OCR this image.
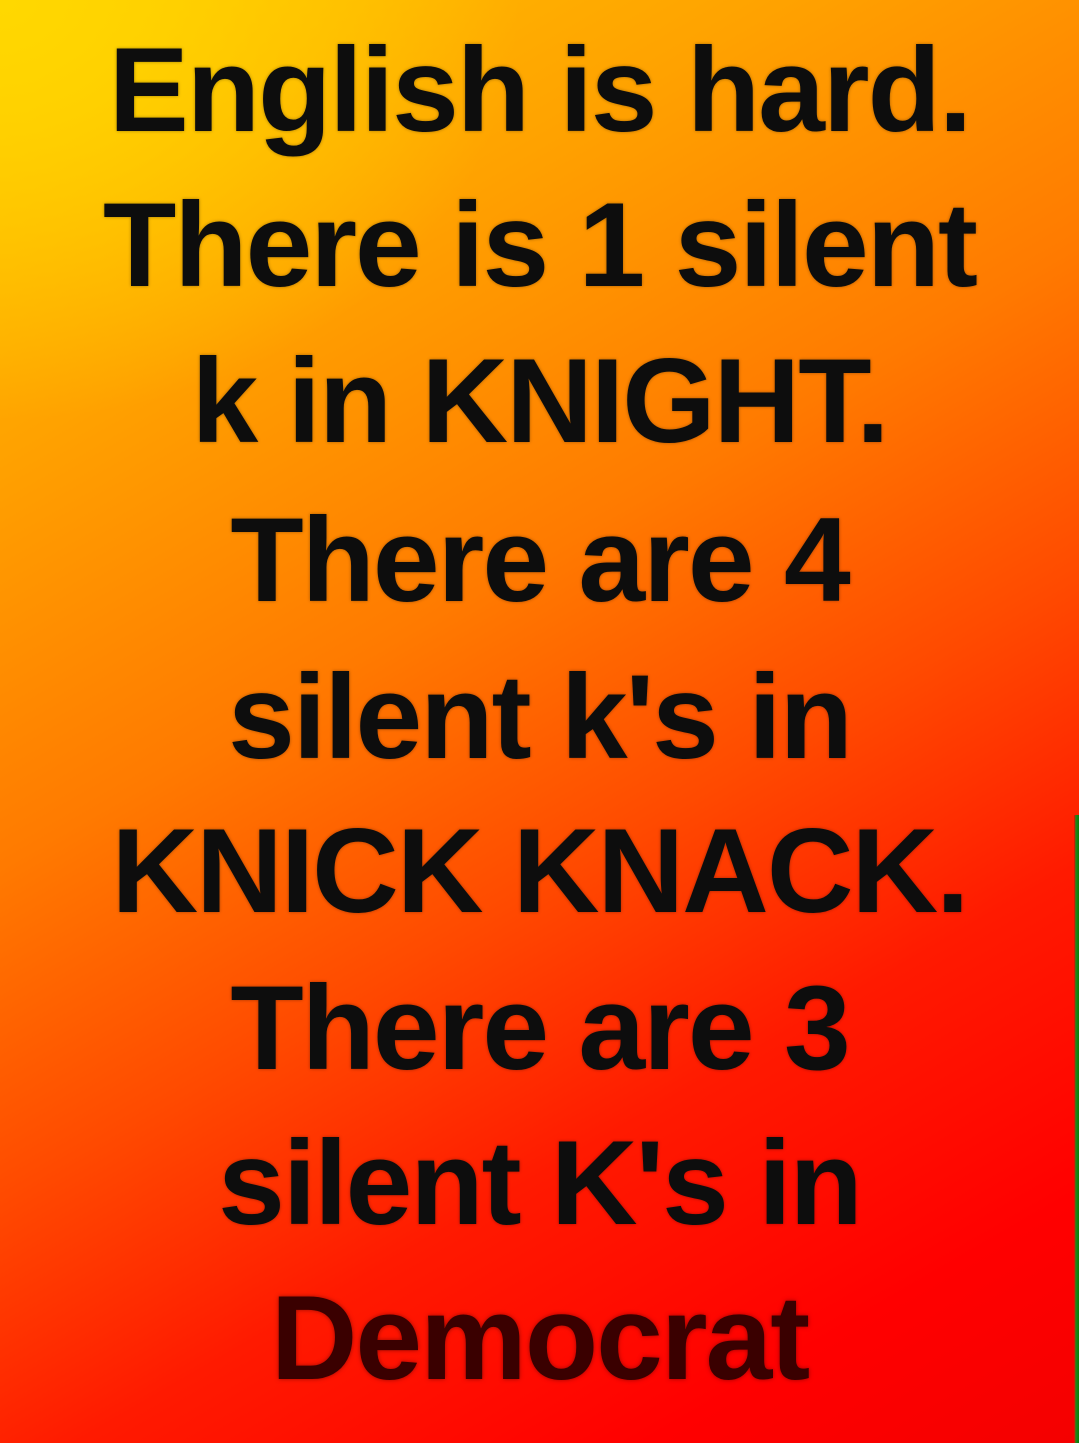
English is hard.
There is 1 silent
k in KNIGHT.
There are 4
silent k's in
KNICK KNACK.
There are 3
silent K's in
Democrat
